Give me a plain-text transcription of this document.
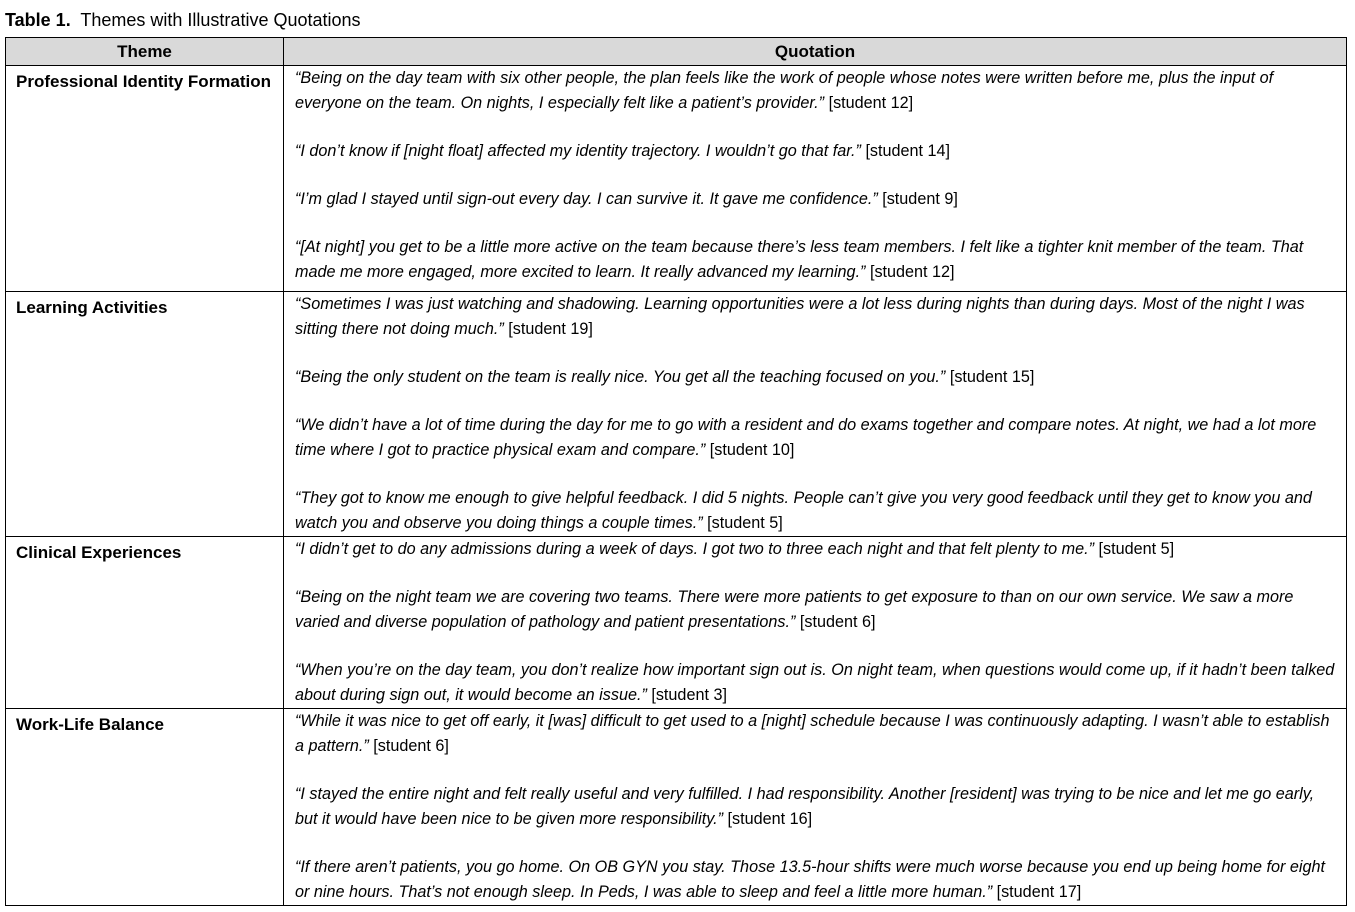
Table 1. Themes with Illustrative Quotations
Theme	Quotation
Professional Identity Formation	“Being on the day team with six other people, the plan feels like the work of people whose notes were written before me, plus the input of everyone on the team. On nights, I especially felt like a patient’s provider.” [student 12]

“I don’t know if [night float] affected my identity trajectory. I wouldn’t go that far.” [student 14]

“I’m glad I stayed until sign-out every day. I can survive it. It gave me confidence.” [student 9]

“[At night] you get to be a little more active on the team because there’s less team members. I felt like a tighter knit member of the team. That made me more engaged, more excited to learn. It really advanced my learning.” [student 12]

Learning Activities	“Sometimes I was just watching and shadowing. Learning opportunities were a lot less during nights than during days. Most of the night I was sitting there not doing much.” [student 19]

“Being the only student on the team is really nice. You get all the teaching focused on you.” [student 15]

“We didn’t have a lot of time during the day for me to go with a resident and do exams together and compare notes. At night, we had a lot more time where I got to practice physical exam and compare.” [student 10]

“They got to know me enough to give helpful feedback. I did 5 nights. People can’t give you very good feedback until they get to know you and watch you and observe you doing things a couple times.” [student 5]

Clinical Experiences	“I didn’t get to do any admissions during a week of days. I got two to three each night and that felt plenty to me.” [student 5]

“Being on the night team we are covering two teams. There were more patients to get exposure to than on our own service. We saw a more varied and diverse population of pathology and patient presentations.” [student 6]

“When you’re on the day team, you don’t realize how important sign out is. On night team, when questions would come up, if it hadn’t been talked about during sign out, it would become an issue.” [student 3]

Work-Life Balance	“While it was nice to get off early, it [was] difficult to get used to a [night] schedule because I was continuously adapting. I wasn’t able to establish a pattern.” [student 6]

“I stayed the entire night and felt really useful and very fulfilled. I had responsibility. Another [resident] was trying to be nice and let me go early, but it would have been nice to be given more responsibility.” [student 16]

“If there aren’t patients, you go home. On OB GYN you stay. Those 13.5-hour shifts were much worse because you end up being home for eight or nine hours. That’s not enough sleep. In Peds, I was able to sleep and feel a little more human.” [student 17]
